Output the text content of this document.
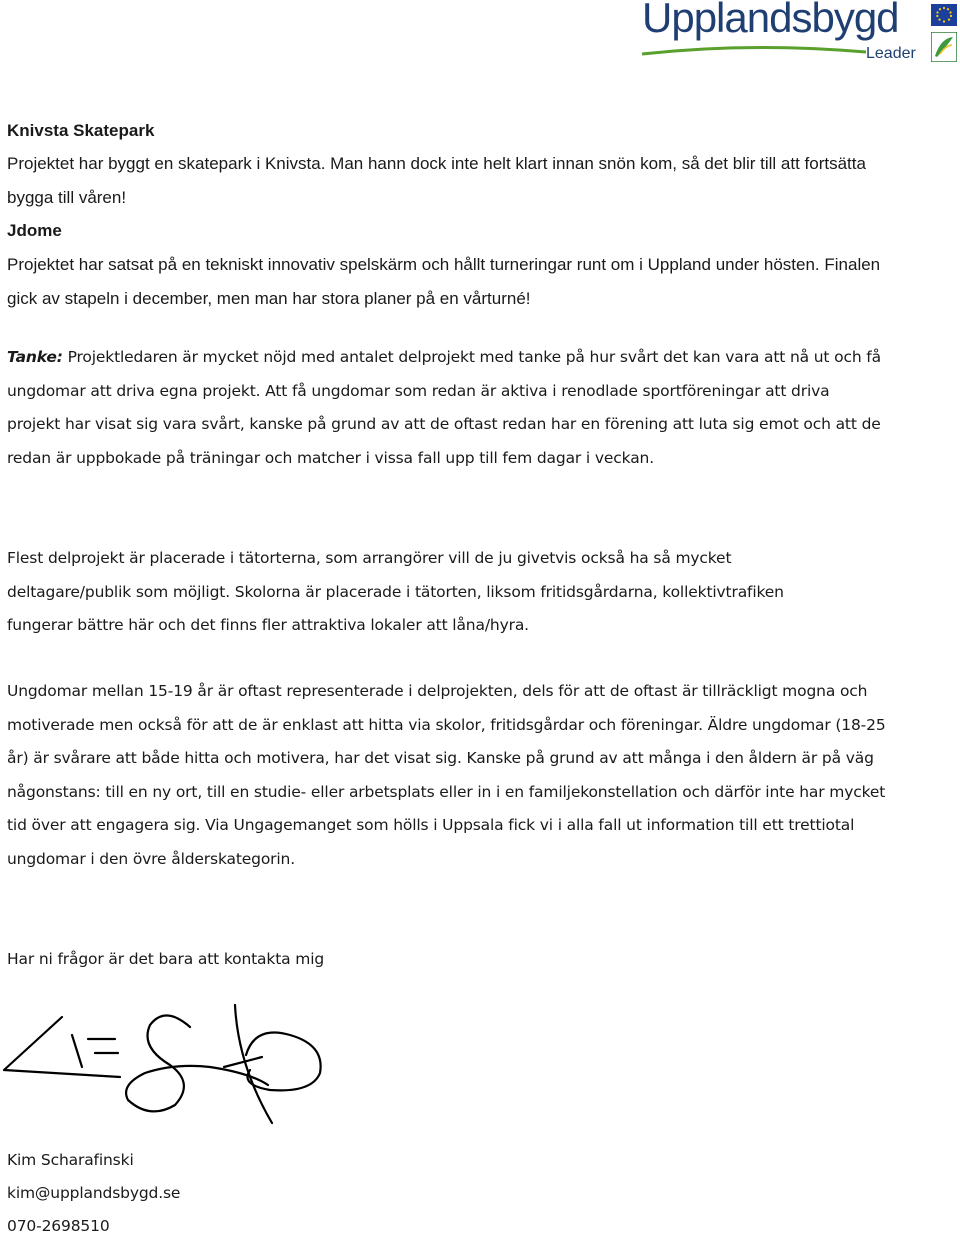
Upplandsbygd
Leader

Knivsta Skatepark

Projektet har byggt en skatepark i Knivsta. Man hann dock inte helt klart innan snön kom, så det blir till att fortsätta bygga till våren!

Jdome

Projektet har satsat på en tekniskt innovativ spelskärm och hållt turneringar runt om i Uppland under hösten. Finalen gick av stapeln i december, men man har stora planer på en vårturné!

Tanke: Projektledaren är mycket nöjd med antalet delprojekt med tanke på hur svårt det kan vara att nå ut och få ungdomar att driva egna projekt. Att få ungdomar som redan är aktiva i renodlade sportföreningar att driva projekt har visat sig vara svårt, kanske på grund av att de oftast redan har en förening att luta sig emot och att de redan är uppbokade på träningar och matcher i vissa fall upp till fem dagar i veckan.

Flest delprojekt är placerade i tätorterna, som arrangörer vill de ju givetvis också ha så mycket deltagare/publik som möjligt. Skolorna är placerade i tätorten, liksom fritidsgårdarna, kollektivtrafiken fungerar bättre här och det finns fler attraktiva lokaler att låna/hyra.

Ungdomar mellan 15-19 år är oftast representerade i delprojekten, dels för att de oftast är tillräckligt mogna och motiverade men också för att de är enklast att hitta via skolor, fritidsgårdar och föreningar. Äldre ungdomar (18-25 år) är svårare att både hitta och motivera, har det visat sig. Kanske på grund av att många i den åldern är på väg någonstans: till en ny ort, till en studie- eller arbetsplats eller in i en familjekonstellation och därför inte har mycket tid över att engagera sig. Via Ungagemanget som hölls i Uppsala fick vi i alla fall ut information till ett trettiotal ungdomar i den övre ålderskategorin.

Har ni frågor är det bara att kontakta mig

Kim Scharafinski

kim@upplandsbygd.se

070-2698510
